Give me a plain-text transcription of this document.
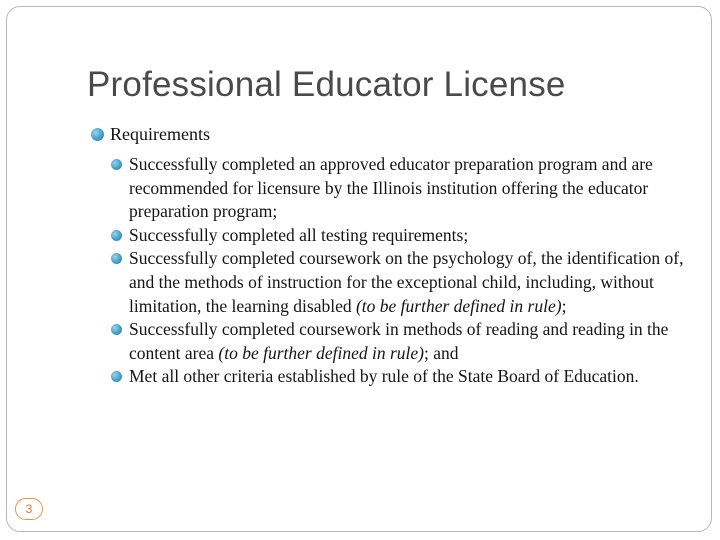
Professional Educator License
Requirements
Successfully completed an approved educator preparation program and are recommended for licensure by the Illinois institution offering the educator preparation program;
Successfully completed all testing requirements;
Successfully completed coursework on the psychology of, the identification of, and the methods of instruction for the exceptional child, including, without limitation, the learning disabled (to be further defined in rule);
Successfully completed coursework in methods of reading and reading in the content area (to be further defined in rule); and
Met all other criteria established by rule of the State Board of Education.
3
